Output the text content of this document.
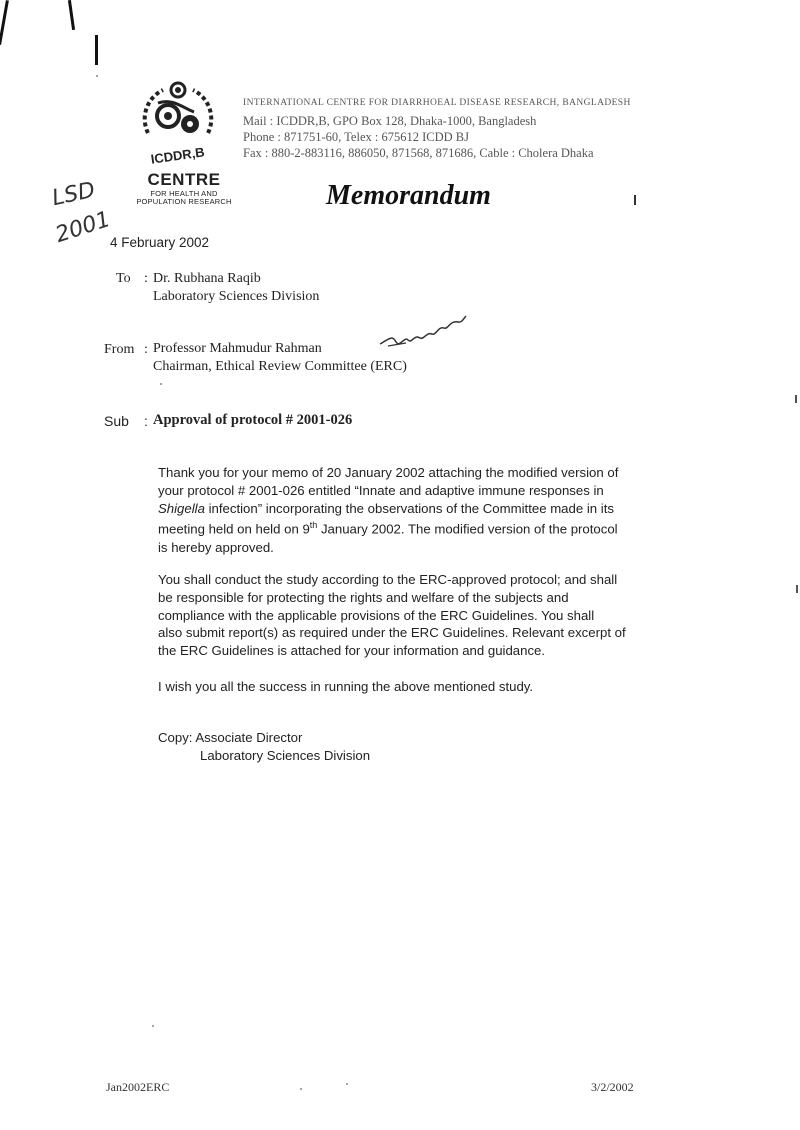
ICDDR,B
CENTRE
FOR HEALTH AND
POPULATION RESEARCH
INTERNATIONAL CENTRE FOR DIARRHOEAL DISEASE RESEARCH, BANGLADESH
Mail : ICDDR,B, GPO Box 128, Dhaka-1000, Bangladesh
Phone : 871751-60, Telex : 675612 ICDD BJ
Fax : 880-2-883116, 886050, 871568, 871686, Cable : Cholera Dhaka
Memorandum
LSD
2001
4 February 2002
To : Dr. Rubhana Raqib
Laboratory Sciences Division
From : Professor Mahmudur Rahman
Chairman, Ethical Review Committee (ERC)
Sub : Approval of protocol # 2001-026
Thank you for your memo of 20 January 2002 attaching the modified version of
your protocol # 2001-026 entitled “Innate and adaptive immune responses in
Shigella infection” incorporating the observations of the Committee made in its
meeting held on held on 9th January 2002. The modified version of the protocol
is hereby approved.
You shall conduct the study according to the ERC-approved protocol; and shall
be responsible for protecting the rights and welfare of the subjects and
compliance with the applicable provisions of the ERC Guidelines. You shall
also submit report(s) as required under the ERC Guidelines. Relevant excerpt of
the ERC Guidelines is attached for your information and guidance.
I wish you all the success in running the above mentioned study.
Copy: Associate Director
Laboratory Sciences Division
Jan2002ERC	3/2/2002
